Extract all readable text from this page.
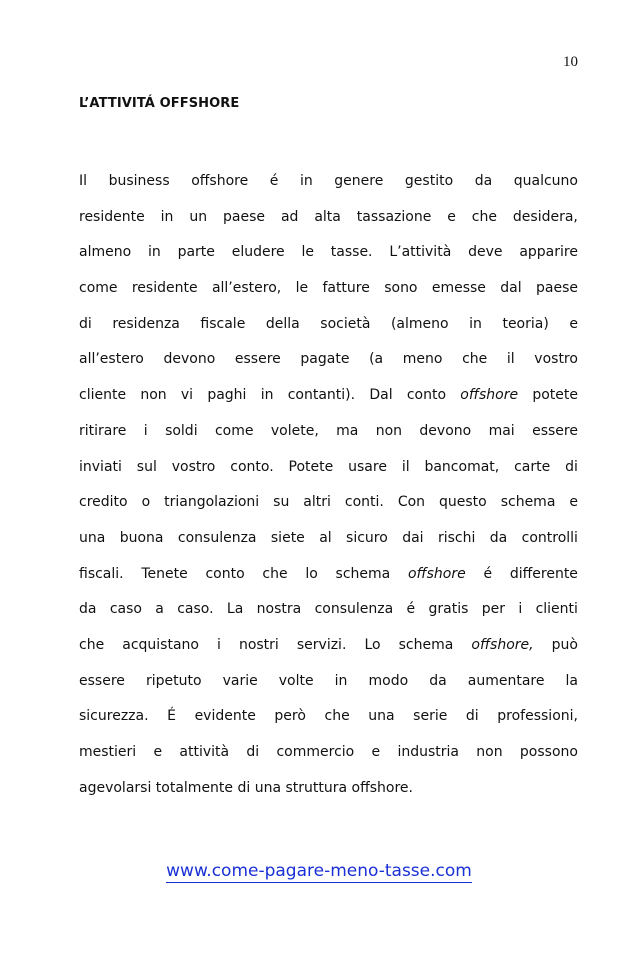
10
L’ATTIVITÁ OFFSHORE
Il business offshore é in genere gestito da qualcuno
residente in un paese ad alta tassazione e che desidera,
almeno in parte eludere le tasse. L’attività deve apparire
come residente all’estero, le fatture sono emesse dal paese
di residenza fiscale della società (almeno in teoria) e
all’estero devono essere pagate (a meno che il vostro
cliente non vi paghi in contanti). Dal conto offshore potete
ritirare i soldi come volete, ma non devono mai essere
inviati sul vostro conto. Potete usare il bancomat, carte di
credito o triangolazioni su altri conti. Con questo schema e
una buona consulenza siete al sicuro dai rischi da controlli
fiscali. Tenete conto che lo schema offshore é differente
da caso a caso. La nostra consulenza é gratis per i clienti
che acquistano i nostri servizi. Lo schema offshore, può
essere ripetuto varie volte in modo da aumentare la
sicurezza. É evidente però che una serie di professioni,
mestieri e attività di commercio e industria non possono
agevolarsi totalmente di una struttura offshore.
www.come-pagare-meno-tasse.com
